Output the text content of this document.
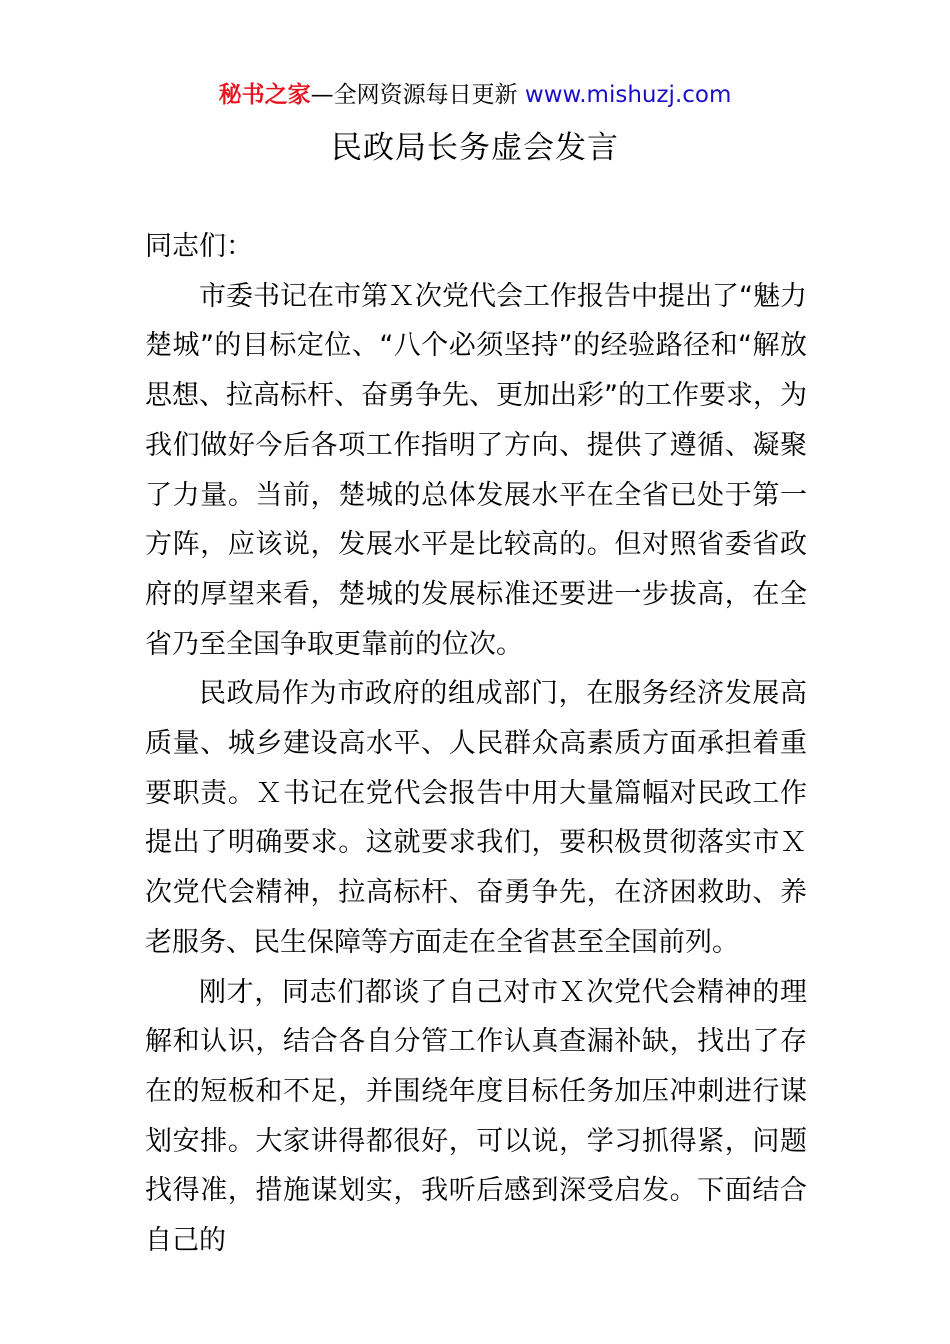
秘书之家—全网资源每日更新 www.mishuzj.com
民政局长务虚会发言

同志们：

市委书记在市第Ｘ次党代会工作报告中提出了“魅力楚城”的目标定位、“八个必须坚持”的经验路径和“解放思想、拉高标杆、奋勇争先、更加出彩”的工作要求，为我们做好今后各项工作指明了方向、提供了遵循、凝聚了力量。当前，楚城的总体发展水平在全省已处于第一方阵，应该说，发展水平是比较高的。但对照省委省政府的厚望来看，楚城的发展标准还要进一步拔高，在全省乃至全国争取更靠前的位次。

民政局作为市政府的组成部门，在服务经济发展高质量、城乡建设高水平、人民群众高素质方面承担着重要职责。Ｘ书记在党代会报告中用大量篇幅对民政工作提出了明确要求。这就要求我们，要积极贯彻落实市Ｘ次党代会精神，拉高标杆、奋勇争先，在济困救助、养老服务、民生保障等方面走在全省甚至全国前列。

刚才，同志们都谈了自己对市Ｘ次党代会精神的理解和认识，结合各自分管工作认真查漏补缺，找出了存在的短板和不足，并围绕年度目标任务加压冲刺进行谋划安排。大家讲得都很好，可以说，学习抓得紧，问题找得准，措施谋划实，我听后感到深受启发。下面结合自己的
